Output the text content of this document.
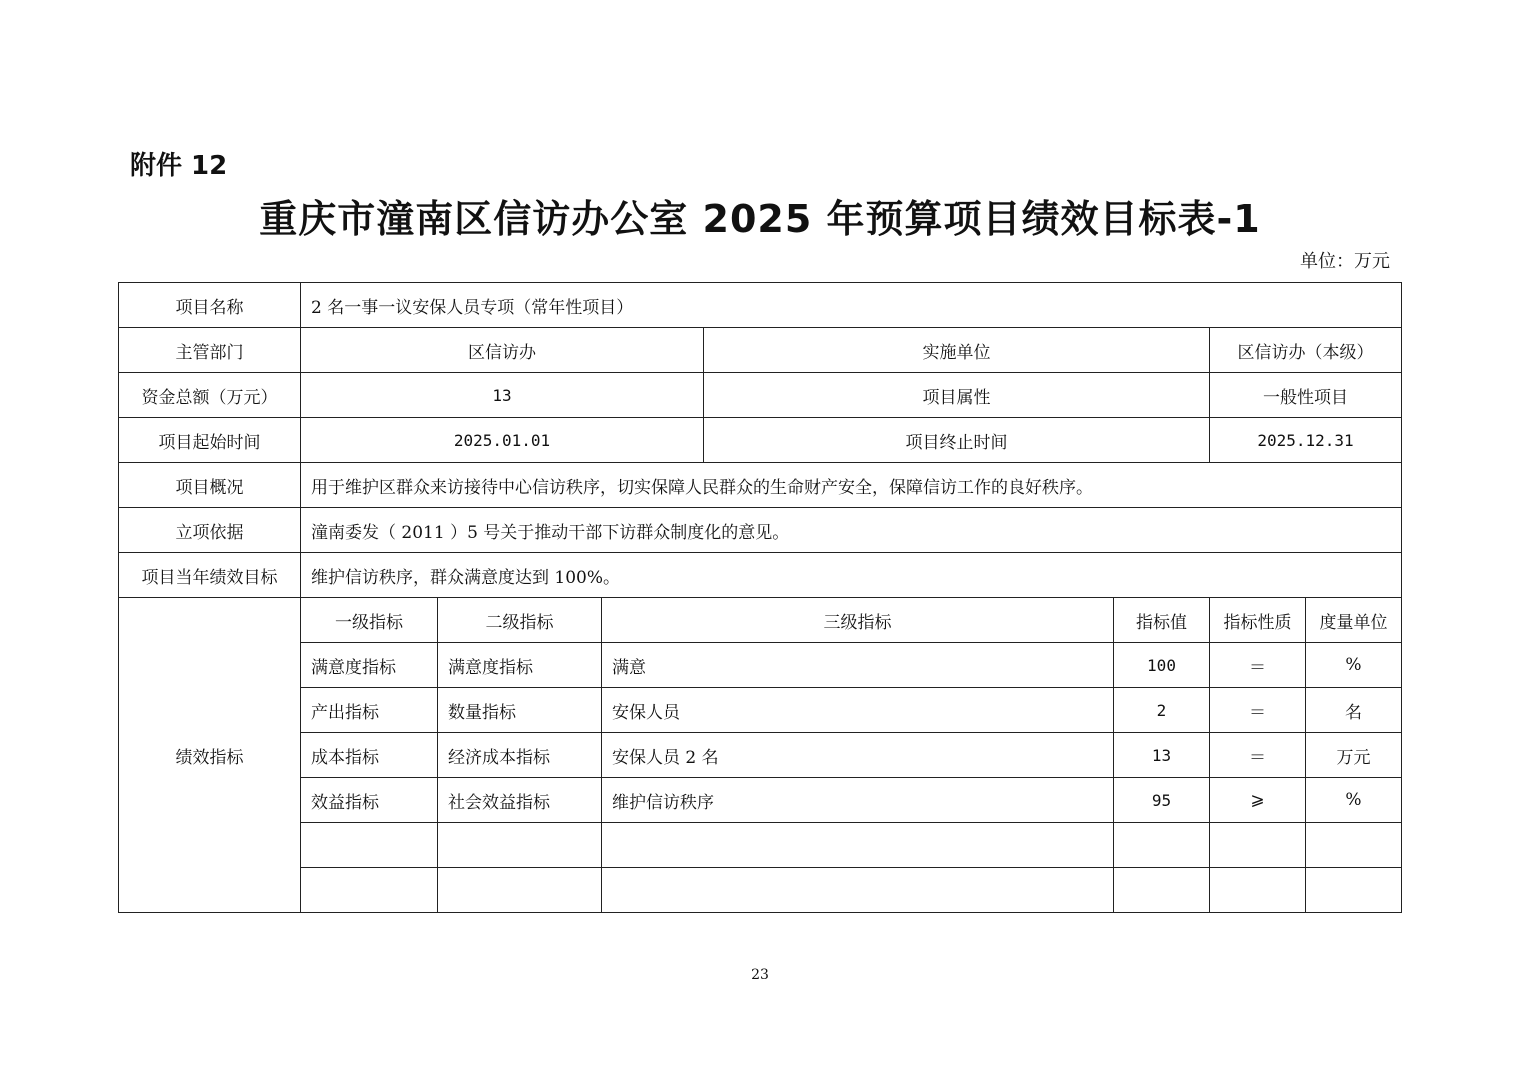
附件 12
重庆市潼南区信访办公室 2025 年预算项目绩效目标表-1
单位：万元
项目名称	2 名一事一议安保人员专项（常年性项目）						
主管部门	区信访办			实施单位		区信访办（本级）	
资金总额（万元）	13			项目属性		一般性项目	
项目起始时间	2025.01.01			项目终止时间		2025.12.31	
项目概况	用于维护区群众来访接待中心信访秩序，切实保障人民群众的生命财产安全，保障信访工作的良好秩序。						
立项依据	潼南委发（ 2011 ）5 号关于推动干部下访群众制度化的意见。						
项目当年绩效目标	维护信访秩序，群众满意度达到 100%。						
绩效指标	一级指标	二级指标	三级指标		指标值	指标性质	度量单位
	满意度指标	满意度指标	满意		100	＝	%
	产出指标	数量指标	安保人员		2	＝	名
	成本指标	经济成本指标	安保人员 2 名		13	＝	万元
	效益指标	社会效益指标	维护信访秩序		95	⩾	%

23
